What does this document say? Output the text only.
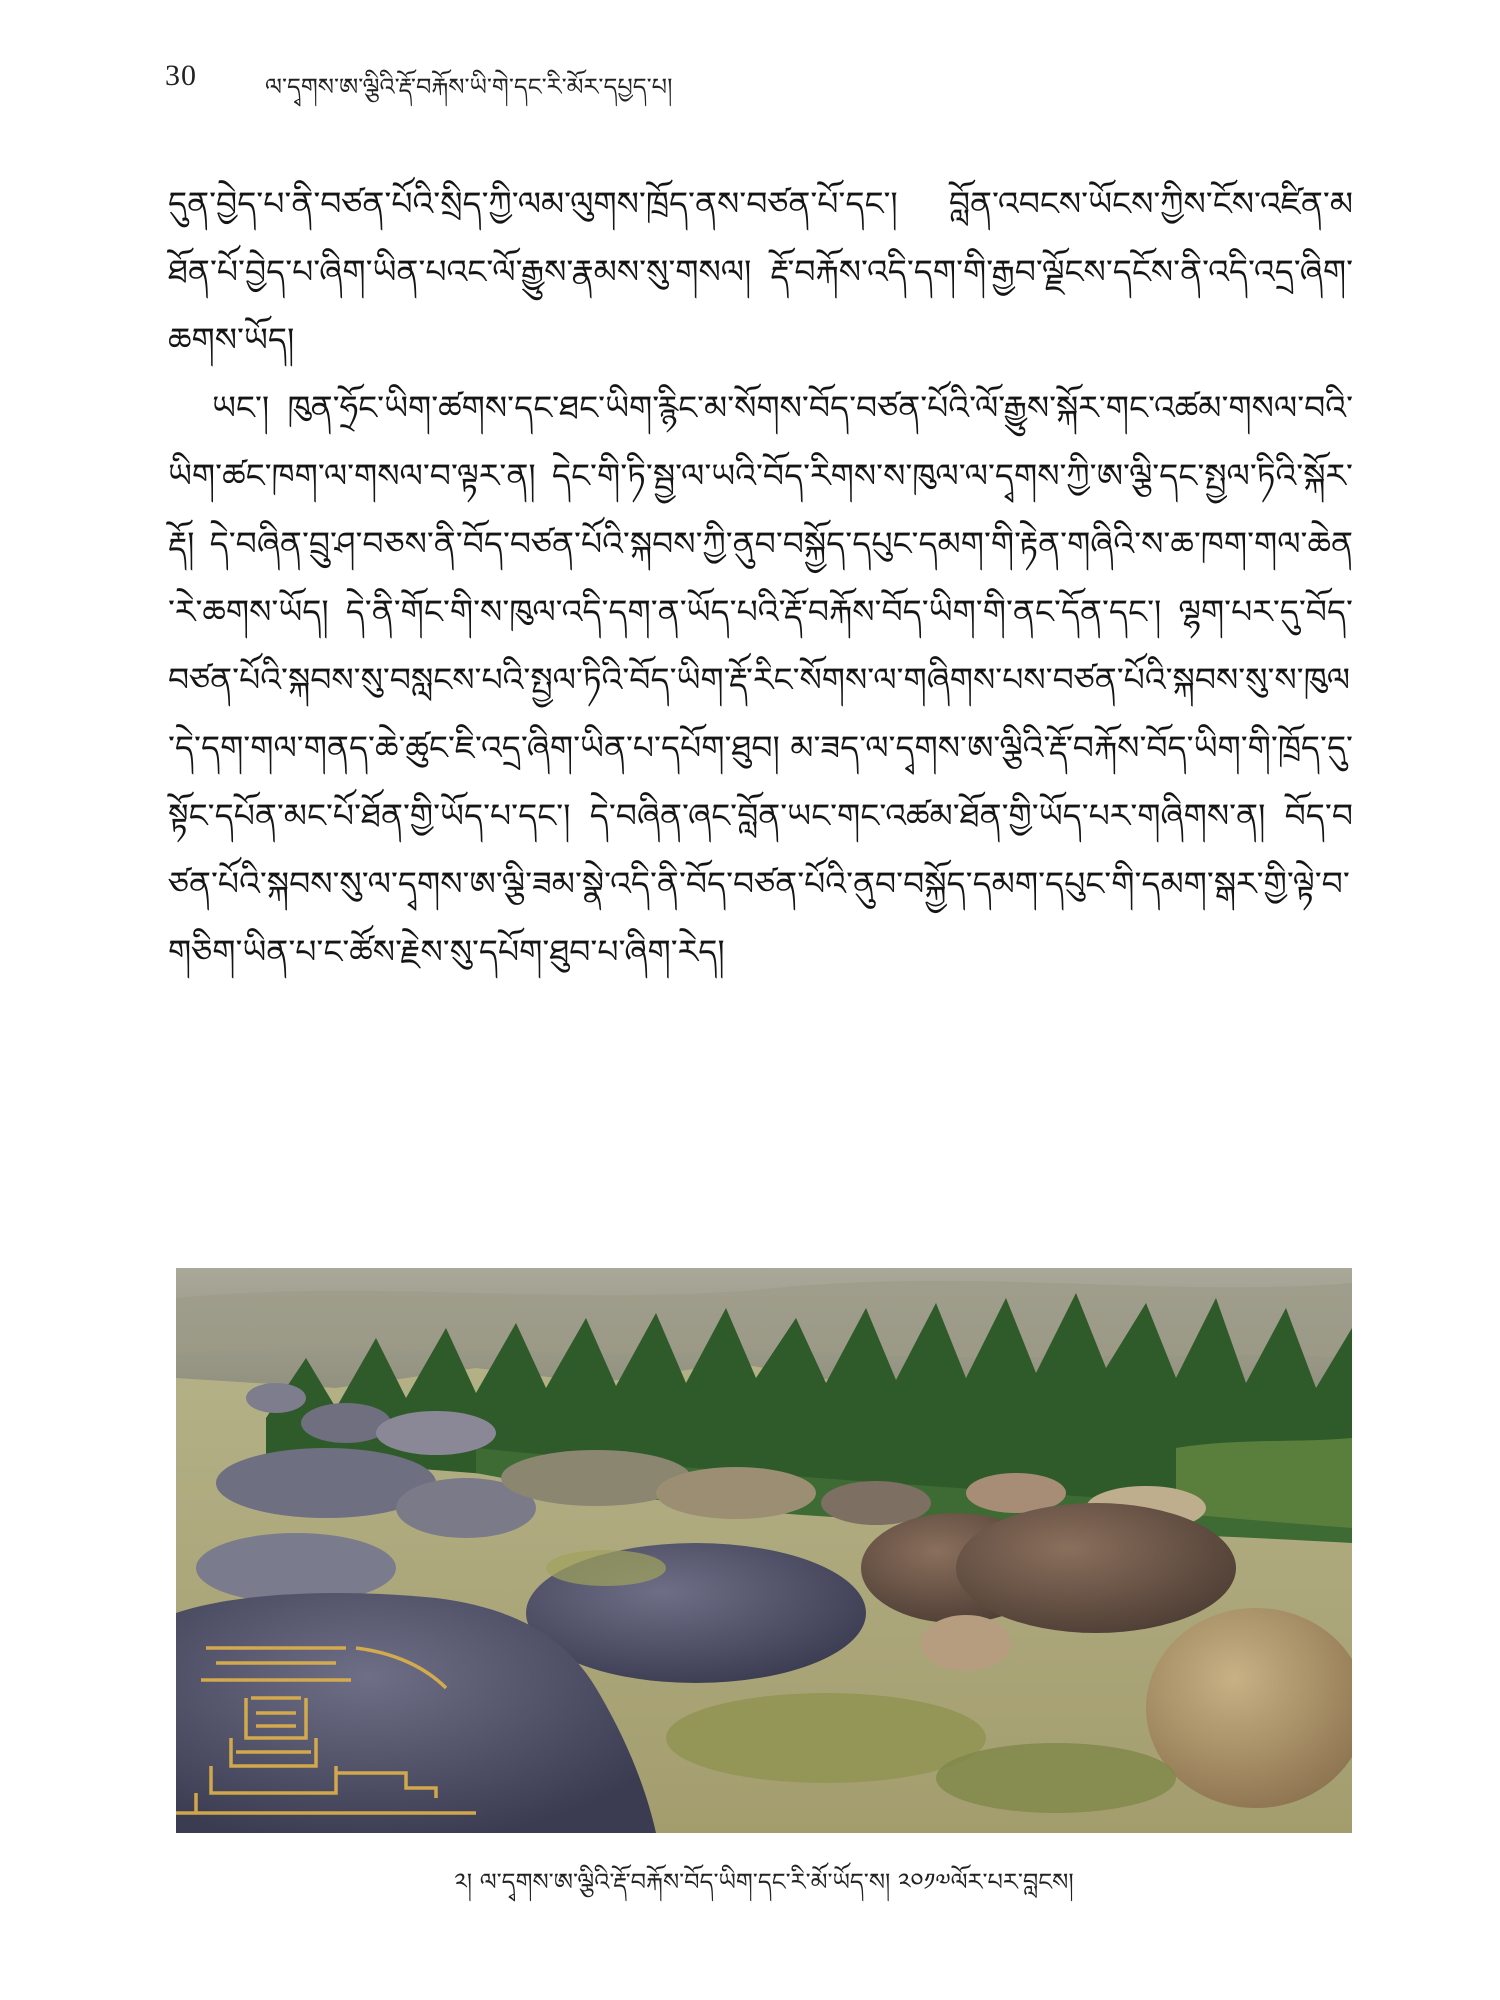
30	ལ་དྭགས་ཨ་ལྕིའི་རྡོ་བརྐོས་ཡི་གེ་དང་རི་མོར་དཔྱད་པ།

དུན་བྱེད་པ་ནི་བཙན་པོའི་སྲིད་ཀྱི་ལམ་ལུགས་ཁྲོད་ནས་བཙན་པོ་དང་། བློན་འབངས་ཡོངས་ཀྱིས་ངོས་འཛིན་མཐོན་པོ་བྱེད་པ་ཞིག་ཡིན་པའང་ལོ་རྒྱུས་རྣམས་སུ་གསལ། རྡོ་བརྐོས་འདི་དག་གི་རྒྱབ་ལྗོངས་དངོས་ནི་འདི་འདྲ་ཞིག་ཆགས་ཡོད།

ཡང་། ཁུན་ཧྲོང་ཡིག་ཚགས་དང་ཐང་ཡིག་རྙིང་མ་སོགས་བོད་བཙན་པོའི་ལོ་རྒྱུས་སྐོར་གང་འཚམ་གསལ་བའི་ཡིག་ཚང་ཁག་ལ་གསལ་བ་ལྟར་ན། དེང་གི་ཏི་སྦྱ་ལ་ཡའི་བོད་རིགས་ས་ཁུལ་ལ་དྭགས་ཀྱི་ཨ་ལྕི་དང་སྤྱལ་ཏིའི་སྐོར་རྡོ། དེ་བཞིན་བྲུ་ཤ་བཅས་ནི་བོད་བཙན་པོའི་སྐབས་ཀྱི་ནུབ་བསྐྱོད་དཔུང་དམག་གི་རྟེན་གཞིའི་ས་ཆ་ཁག་གལ་ཆེན་རེ་ཆགས་ཡོད། དེ་ནི་གོང་གི་ས་ཁུལ་འདི་དག་ན་ཡོད་པའི་རྡོ་བརྐོས་བོད་ཡིག་གི་ནང་དོན་དང་། ལྷག་པར་དུ་བོད་བཙན་པོའི་སྐབས་སུ་བསླངས་པའི་སྤྱལ་ཏིའི་བོད་ཡིག་རྡོ་རིང་སོགས་ལ་གཞིགས་པས་བཙན་པོའི་སྐབས་སུ་ས་ཁུལ་དེ་དག་གལ་གནད་ཆེ་ཚུང་ཇི་འདྲ་ཞིག་ཡིན་པ་དཔོག་ཐུབ། མ་ཟད་ལ་དྭགས་ཨ་ལྕིའི་རྡོ་བརྐོས་བོད་ཡིག་གི་ཁྲོད་དུ་སྟོང་དཔོན་མང་པོ་ཐོན་གྱི་ཡོད་པ་དང་། དེ་བཞིན་ཞང་བློན་ཡང་གང་འཚམ་ཐོན་གྱི་ཡོད་པར་གཞིགས་ན། བོད་བཙན་པོའི་སྐབས་སུ་ལ་དྭགས་ཨ་ལྕི་ཟམ་སྣེ་འདི་ནི་བོད་བཙན་པོའི་ནུབ་བསྐྱོད་དམག་དཔུང་གི་དམག་སྒར་གྱི་ལྟེ་བ་གཅིག་ཡིན་པ་ང་ཚོས་རྗེས་སུ་དཔོག་ཐུབ་པ་ཞིག་རེད།

༢། ལ་དྭགས་ཨ་ལྕིའི་རྡོ་བརྐོས་བོད་ཡིག་དང་རི་མོ་ཡོད་ས། ༢༠༡༧ལོར་པར་བླངས།
